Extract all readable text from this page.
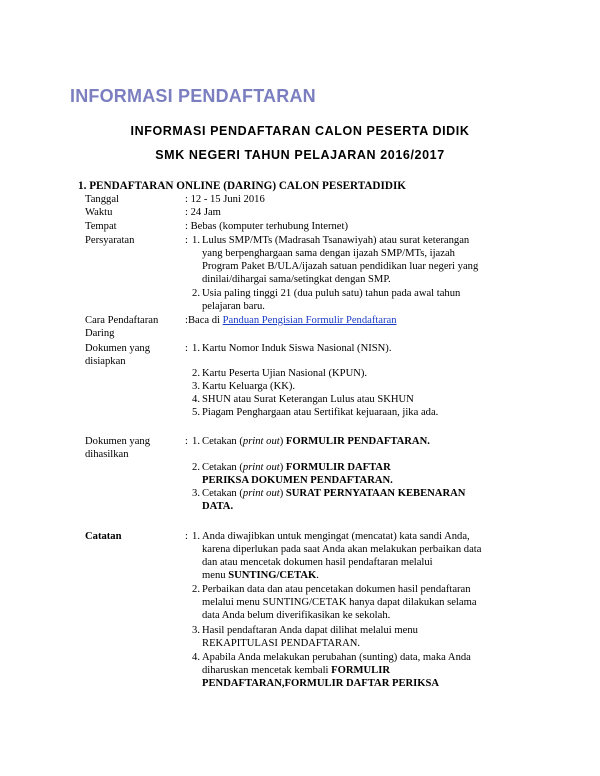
INFORMASI PENDAFTARAN
INFORMASI PENDAFTARAN CALON PESERTA DIDIK
SMK NEGERI TAHUN PELAJARAN 2016/2017
1. PENDAFTARAN ONLINE (DARING) CALON PESERTADIDIK
Tanggal	: 12 - 15 Juni 2016
Waktu	: 24 Jam
Tempat	: Bebas (komputer terhubung Internet)
Persyaratan	: 1. Lulus SMP/MTs (Madrasah Tsanawiyah) atau surat keterangan
yang berpenghargaan sama dengan ijazah SMP/MTs, ijazah
Program Paket B/ULA/ijazah satuan pendidikan luar negeri yang
dinilai/dihargai sama/setingkat dengan SMP.
2. Usia paling tinggi 21 (dua puluh satu) tahun pada awal tahun
pelajaran baru.
Cara Pendaftaran
Daring
:Baca di Panduan Pengisian Formulir Pendaftaran
Dokumen yang
disiapkan
: 1. Kartu Nomor Induk Siswa Nasional (NISN).
2. Kartu Peserta Ujian Nasional (KPUN).
3. Kartu Keluarga (KK).
4. SHUN atau Surat Keterangan Lulus atau SKHUN
5. Piagam Penghargaan atau Sertifikat kejuaraan, jika ada.
Dokumen yang
dihasilkan
: 1. Cetakan (print out) FORMULIR PENDAFTARAN.
2. Cetakan (print out) FORMULIR DAFTAR
PERIKSA DOKUMEN PENDAFTARAN.
3. Cetakan (print out) SURAT PERNYATAAN KEBENARAN
DATA.
Catatan	: 1. Anda diwajibkan untuk mengingat (mencatat) kata sandi Anda,
karena diperlukan pada saat Anda akan melakukan perbaikan data
dan atau mencetak dokumen hasil pendaftaran melalui
menu SUNTING/CETAK.
2. Perbaikan data dan atau pencetakan dokumen hasil pendaftaran
melalui menu SUNTING/CETAK hanya dapat dilakukan selama
data Anda belum diverifikasikan ke sekolah.
3. Hasil pendaftaran Anda dapat dilihat melalui menu
REKAPITULASI PENDAFTARAN.
4. Apabila Anda melakukan perubahan (sunting) data, maka Anda
diharuskan mencetak kembali FORMULIR
PENDAFTARAN,FORMULIR DAFTAR PERIKSA
